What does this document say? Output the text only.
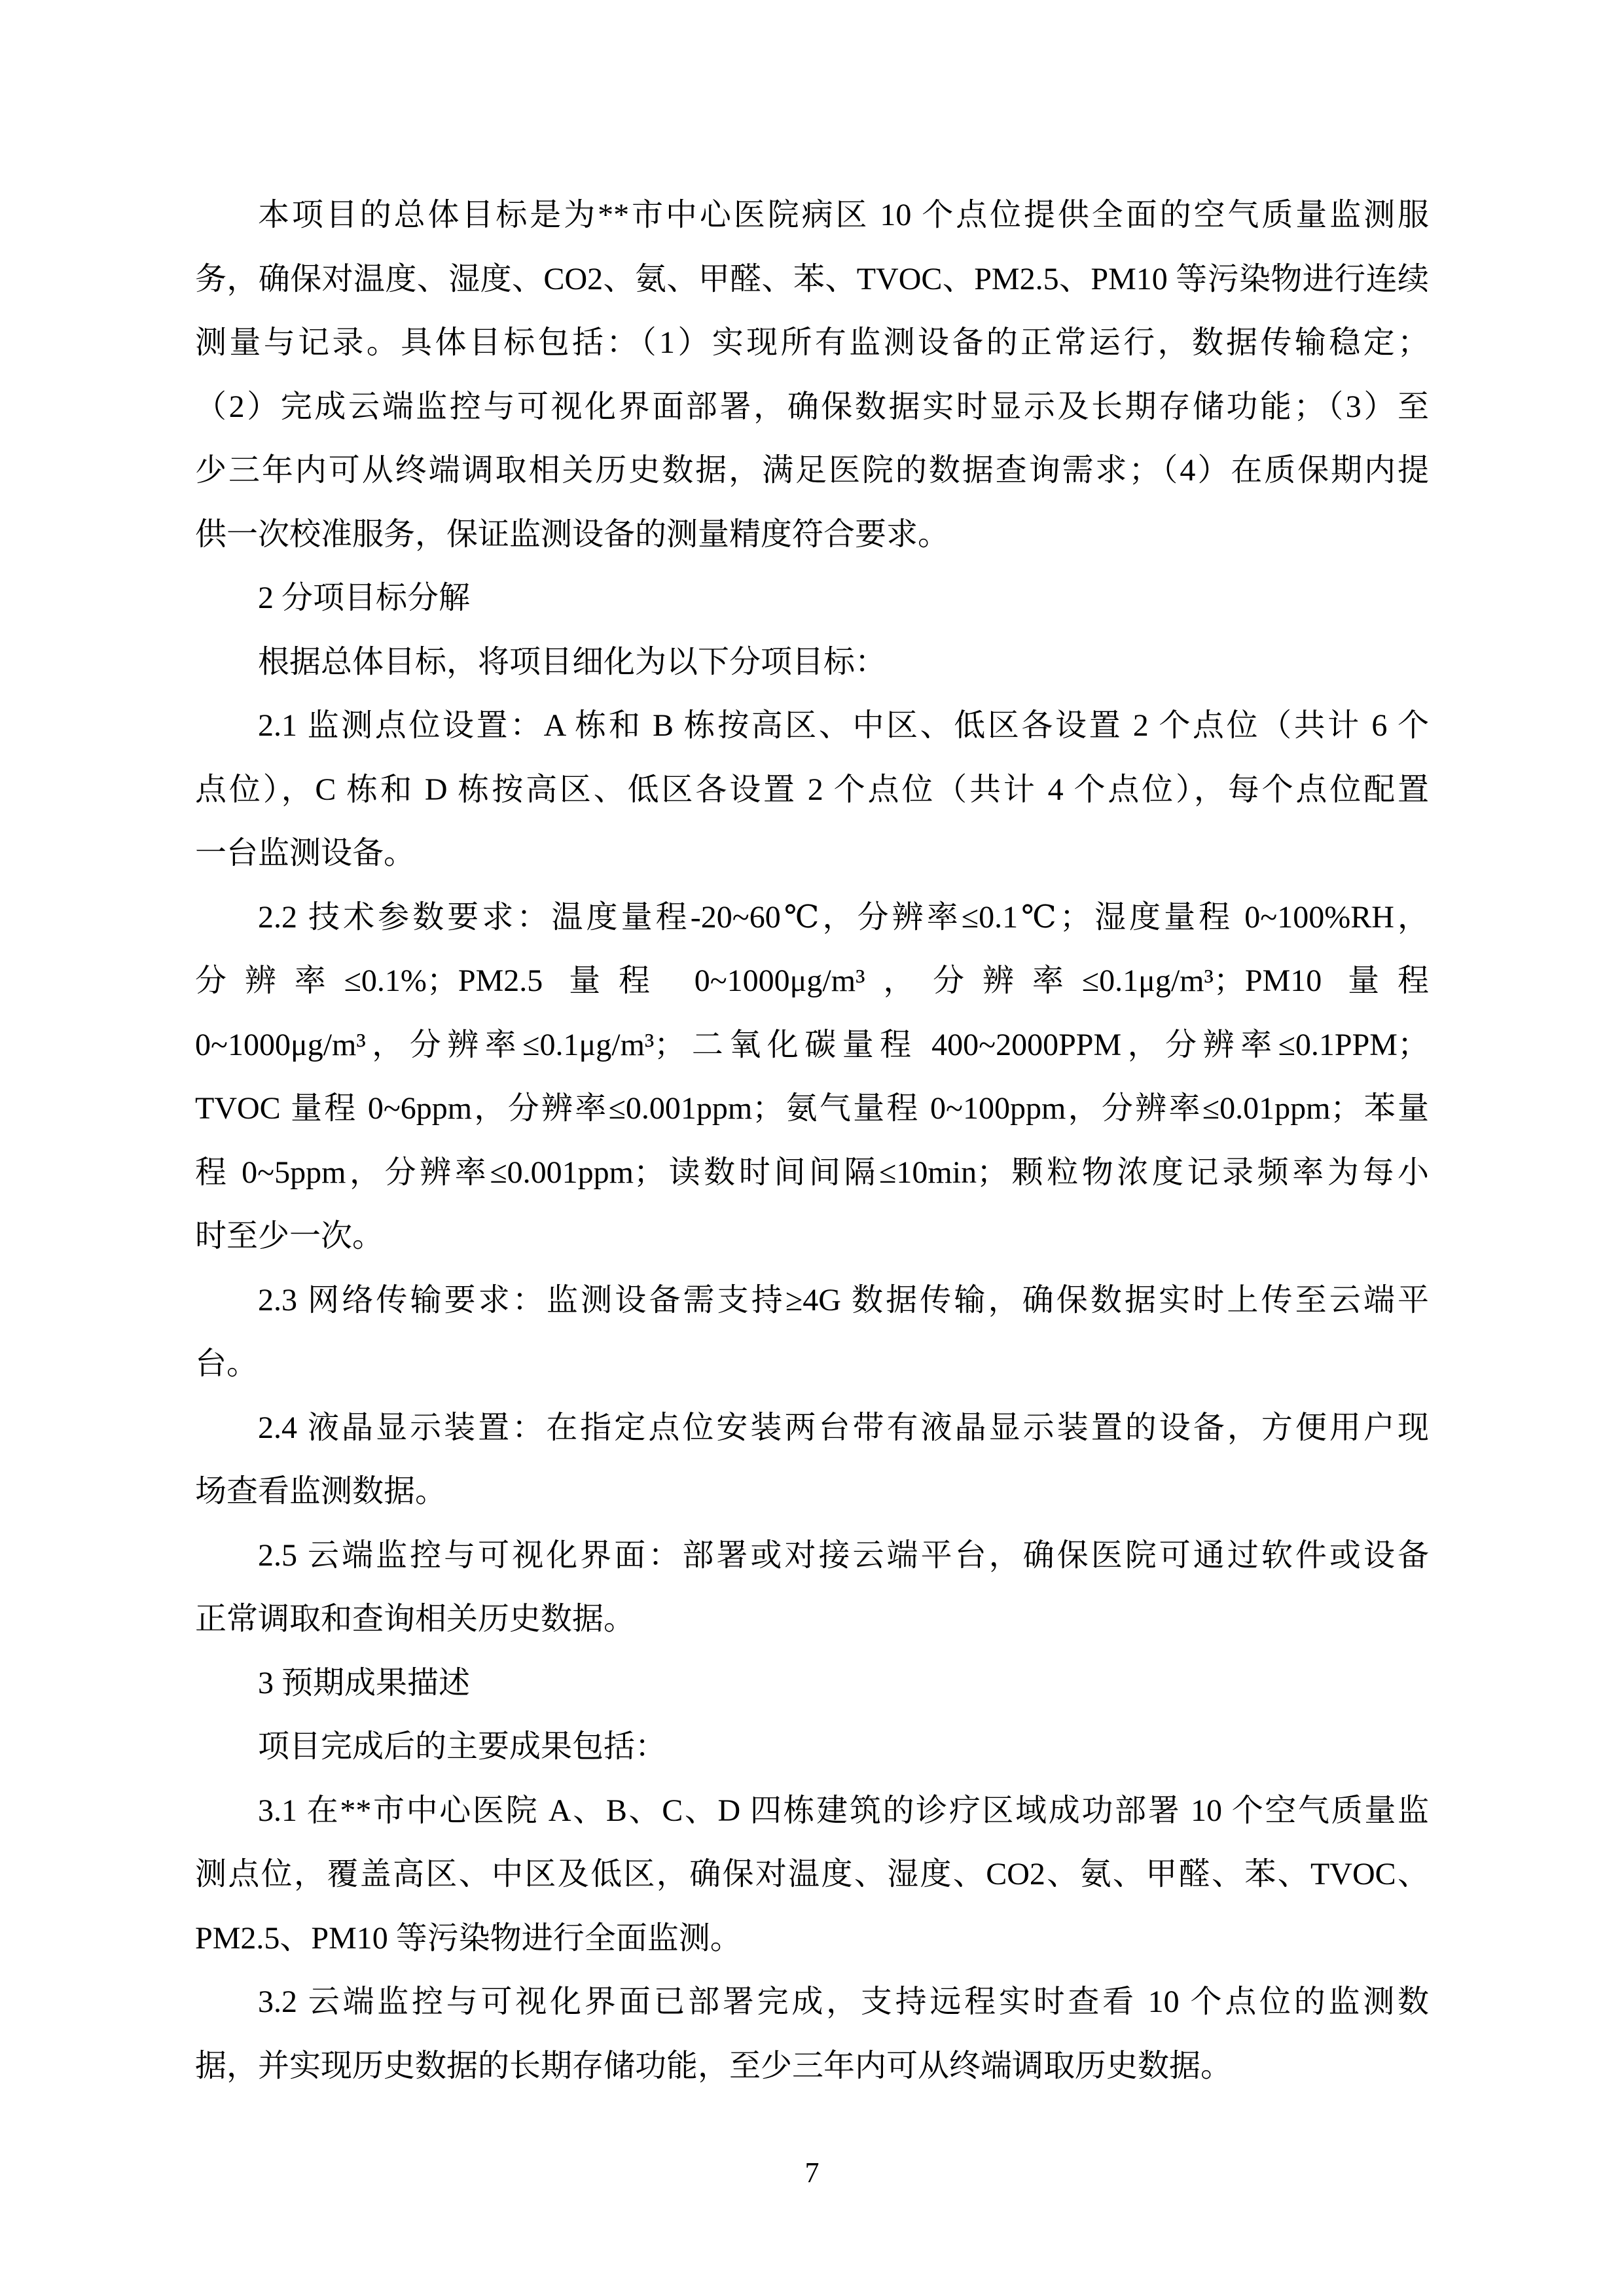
本项目的总体目标是为**市中心医院病区 10 个点位提供全面的空气质量监测服
务，确保对温度、湿度、CO2、氨、甲醛、苯、TVOC、PM2.5、PM10 等污染物进行连续
测量与记录。具体目标包括：（1）实现所有监测设备的正常运行，数据传输稳定；
（2）完成云端监控与可视化界面部署，确保数据实时显示及长期存储功能；（3）至
少三年内可从终端调取相关历史数据，满足医院的数据查询需求；（4）在质保期内提
供一次校准服务，保证监测设备的测量精度符合要求。
2 分项目标分解
根据总体目标，将项目细化为以下分项目标：
2.1 监测点位设置：A 栋和 B 栋按高区、中区、低区各设置 2 个点位（共计 6 个
点位），C 栋和 D 栋按高区、低区各设置 2 个点位（共计 4 个点位），每个点位配置
一台监测设备。
2.2 技术参数要求：温度量程-20~60℃，分辨率≤0.1℃；湿度量程 0~100%RH，
分辨率≤0.1%；PM2.5 量程 0~1000μg/m³，分辨率≤0.1μg/m³；PM10 量程
0~1000μg/m³，分辨率≤0.1μg/m³；二氧化碳量程 400~2000PPM，分辨率≤0.1PPM；
TVOC 量程 0~6ppm，分辨率≤0.001ppm；氨气量程 0~100ppm，分辨率≤0.01ppm；苯量
程 0~5ppm，分辨率≤0.001ppm；读数时间间隔≤10min；颗粒物浓度记录频率为每小
时至少一次。
2.3 网络传输要求：监测设备需支持≥4G 数据传输，确保数据实时上传至云端平
台。
2.4 液晶显示装置：在指定点位安装两台带有液晶显示装置的设备，方便用户现
场查看监测数据。
2.5 云端监控与可视化界面：部署或对接云端平台，确保医院可通过软件或设备
正常调取和查询相关历史数据。
3 预期成果描述
项目完成后的主要成果包括：
3.1 在**市中心医院 A、B、C、D 四栋建筑的诊疗区域成功部署 10 个空气质量监
测点位，覆盖高区、中区及低区，确保对温度、湿度、CO2、氨、甲醛、苯、TVOC、
PM2.5、PM10 等污染物进行全面监测。
3.2 云端监控与可视化界面已部署完成，支持远程实时查看 10 个点位的监测数
据，并实现历史数据的长期存储功能，至少三年内可从终端调取历史数据。
7
